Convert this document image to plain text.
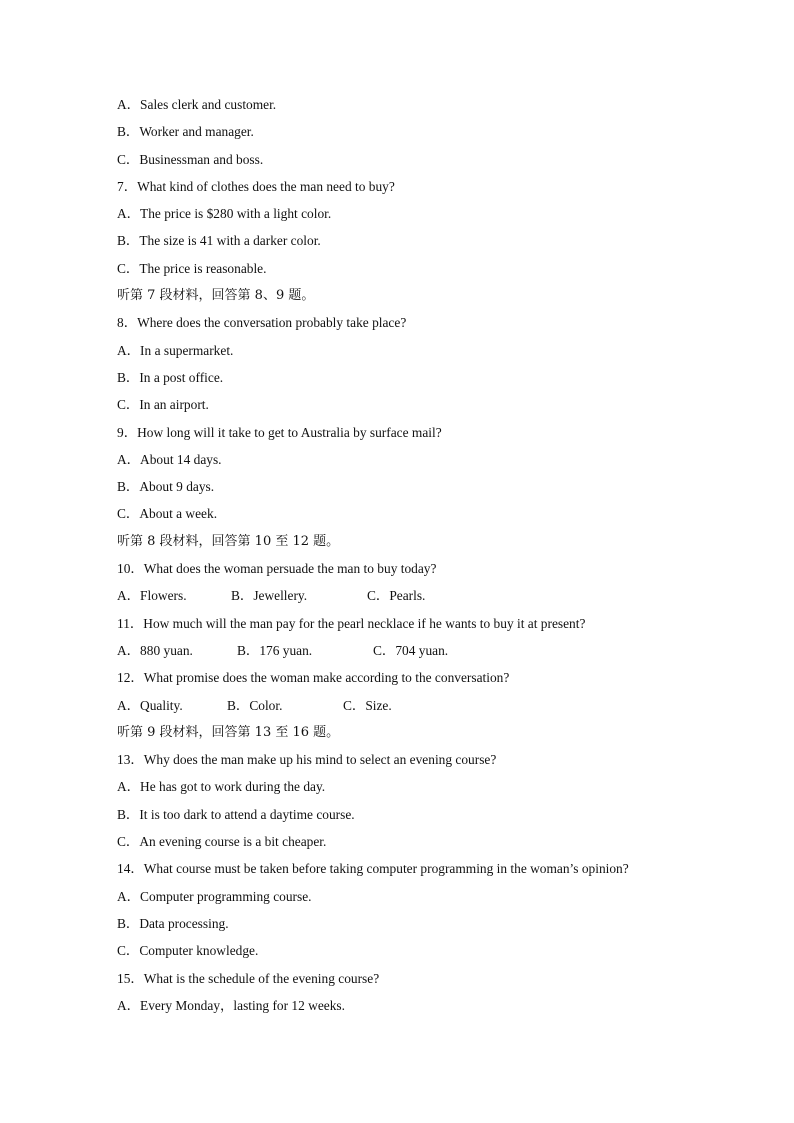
A．Sales clerk and customer.
B．Worker and manager.
C．Businessman and boss.
7．What kind of clothes does the man need to buy?
A．The price is $280 with a light color.
B．The size is 41 with a darker color.
C．The price is reasonable.
听第 7 段材料，回答第 8、9 题。
8．Where does the conversation probably take place?
A．In a supermarket.
B．In a post office.
C．In an airport.
9．How long will it take to get to Australia by surface mail?
A．About 14 days.
B．About 9 days.
C．About a week.
听第 8 段材料，回答第 10 至 12 题。
10．What does the woman persuade the man to buy today?
A．Flowers.	B．Jewellery.	C．Pearls.
11．How much will the man pay for the pearl necklace if he wants to buy it at present?
A．880 yuan.	B．176 yuan.	C．704 yuan.
12．What promise does the woman make according to the conversation?
A．Quality.	B．Color.	C．Size.
听第 9 段材料，回答第 13 至 16 题。
13．Why does the man make up his mind to select an evening course?
A．He has got to work during the day.
B．It is too dark to attend a daytime course.
C．An evening course is a bit cheaper.
14．What course must be taken before taking computer programming in the woman’s opinion?
A．Computer programming course.
B．Data processing.
C．Computer knowledge.
15．What is the schedule of the evening course?
A．Every Monday，lasting for 12 weeks.
